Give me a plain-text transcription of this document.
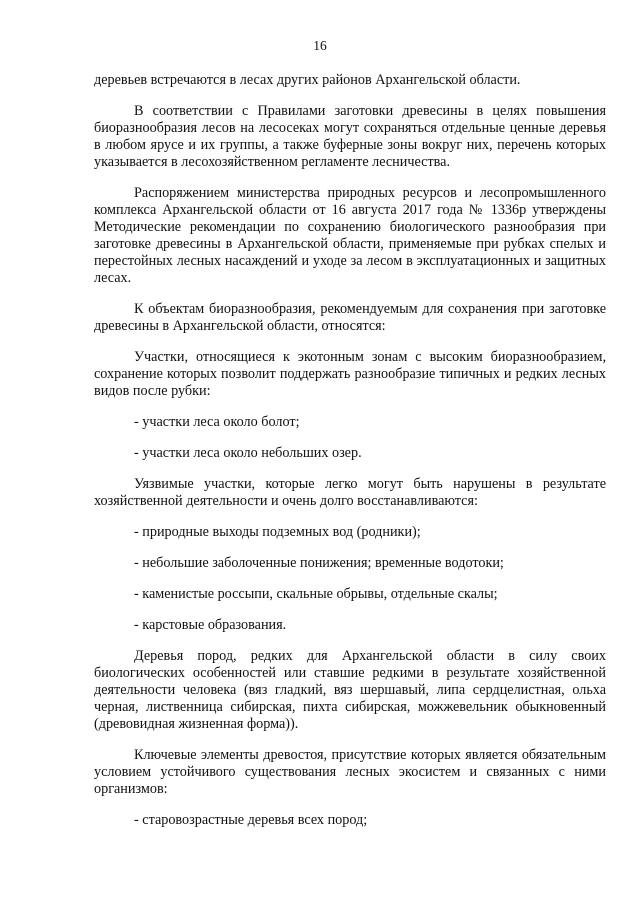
16

деревьев встречаются в лесах других районов Архангельской области.

В соответствии с Правилами заготовки древесины в целях повышения биоразнообразия лесов на лесосеках могут сохраняться отдельные ценные деревья в любом ярусе и их группы, а также буферные зоны вокруг них, перечень которых указывается в лесохозяйственном регламенте лесничества.

Распоряжением министерства природных ресурсов и лесопромышленного комплекса Архангельской области от 16 августа 2017 года № 1336р утверждены Методические рекомендации по сохранению биологического разнообразия при заготовке древесины в Архангельской области, применяемые при рубках спелых и перестойных лесных насаждений и уходе за лесом в эксплуатационных и защитных лесах.

К объектам биоразнообразия, рекомендуемым для сохранения при заготовке древесины в Архангельской области, относятся:

Участки, относящиеся к экотонным зонам с высоким биоразнообразием, сохранение которых позволит поддержать разнообразие типичных и редких лесных видов после рубки:

- участки леса около болот;

- участки леса около небольших озер.

Уязвимые участки, которые легко могут быть нарушены в результате хозяйственной деятельности и очень долго восстанавливаются:

- природные выходы подземных вод (родники);

- небольшие заболоченные понижения; временные водотоки;

- каменистые россыпи, скальные обрывы, отдельные скалы;

- карстовые образования.

Деревья пород, редких для Архангельской области в силу своих биологических особенностей или ставшие редкими в результате хозяйственной деятельности человека (вяз гладкий, вяз шершавый, липа сердцелистная, ольха черная, лиственница сибирская, пихта сибирская, можжевельник обыкновенный (древовидная жизненная форма)).

Ключевые элементы древостоя, присутствие которых является обязательным условием устойчивого существования лесных экосистем и связанных с ними организмов:

- старовозрастные деревья всех пород;
